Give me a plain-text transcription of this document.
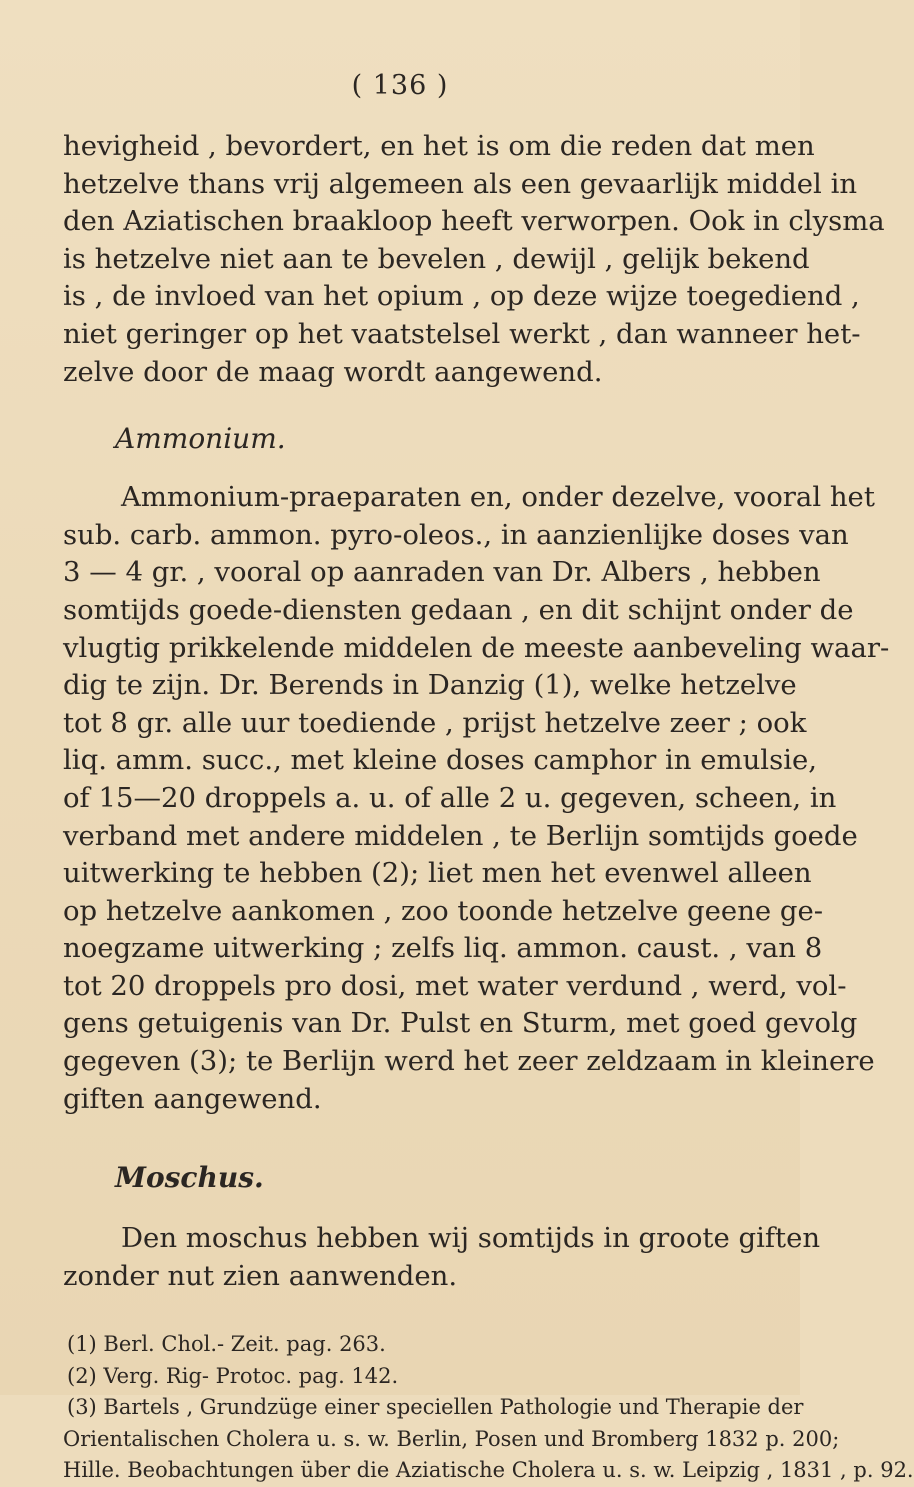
( 136 )
hevigheid , bevordert, en het is om die reden dat men
hetzelve thans vrij algemeen als een gevaarlijk middel in
den Aziatischen braakloop heeft verworpen. Ook in clysma
is hetzelve niet aan te bevelen , dewijl , gelijk bekend
is , de invloed van het opium , op deze wijze toegediend ,
niet geringer op het vaatstelsel werkt , dan wanneer het-
zelve door de maag wordt aangewend.
Ammonium.
Ammonium-praeparaten en, onder dezelve, vooral het
sub. carb. ammon. pyro-oleos., in aanzienlijke doses van
3 — 4 gr. , vooral op aanraden van Dr. Albers , hebben
somtijds goede-diensten gedaan , en dit schijnt onder de
vlugtig prikkelende middelen de meeste aanbeveling waar-
dig te zijn. Dr. Berends in Danzig (1), welke hetzelve
tot 8 gr. alle uur toediende , prijst hetzelve zeer ; ook
liq. amm. succ., met kleine doses camphor in emulsie,
of 15—20 droppels a. u. of alle 2 u. gegeven, scheen, in
verband met andere middelen , te Berlijn somtijds goede
uitwerking te hebben (2); liet men het evenwel alleen
op hetzelve aankomen , zoo toonde hetzelve geene ge-
noegzame uitwerking ; zelfs liq. ammon. caust. , van 8
tot 20 droppels pro dosi, met water verdund , werd, vol-
gens getuigenis van Dr. Pulst en Sturm, met goed gevolg
gegeven (3); te Berlijn werd het zeer zeldzaam in kleinere
giften aangewend.
Moschus.
Den moschus hebben wij somtijds in groote giften
zonder nut zien aanwenden.
(1) Berl. Chol.- Zeit. pag. 263.
(2) Verg. Rig- Protoc. pag. 142.
(3) Bartels , Grundzüge einer speciellen Pathologie und Therapie der
Orientalischen Cholera u. s. w. Berlin, Posen und Bromberg 1832 p. 200;
Hille. Beobachtungen über die Aziatische Cholera u. s. w. Leipzig , 1831 , p. 92.
